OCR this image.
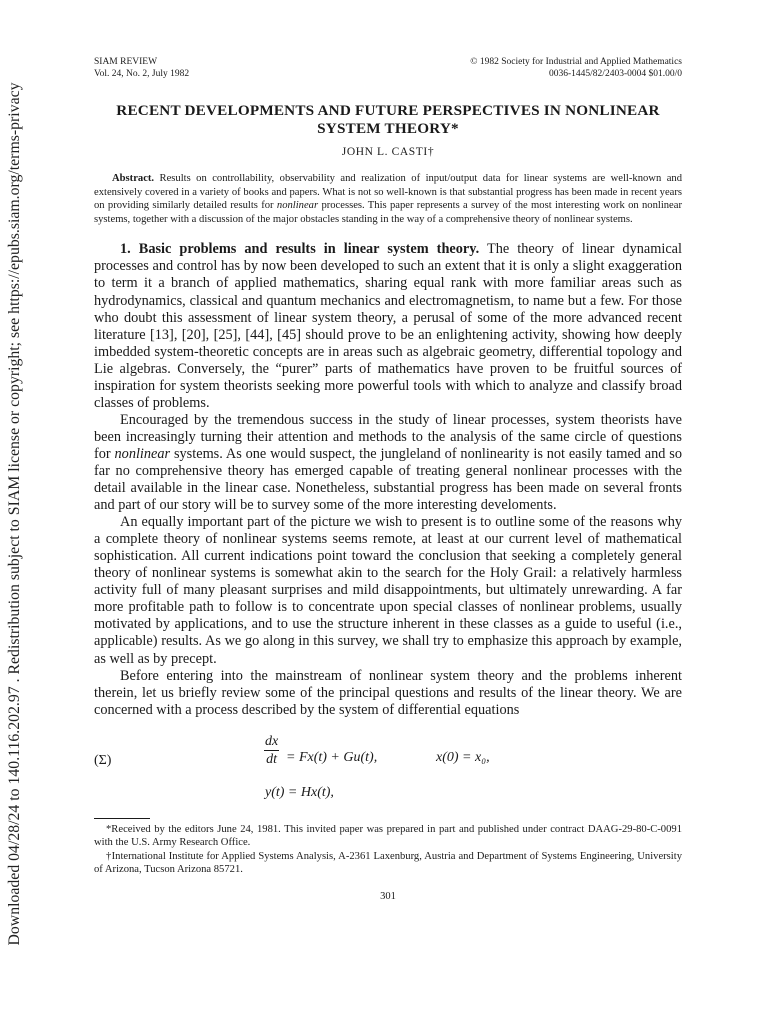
Downloaded 04/28/24 to 140.116.202.97 . Redistribution subject to SIAM license or copyright; see https://epubs.siam.org/terms-privacy
SIAM REVIEW
Vol. 24, No. 2, July 1982
© 1982 Society for Industrial and Applied Mathematics
0036-1445/82/2403-0004 $01.00/0
RECENT DEVELOPMENTS AND FUTURE PERSPECTIVES IN NONLINEAR
SYSTEM THEORY*
JOHN L. CASTI†
Abstract. Results on controllability, observability and realization of input/output data for linear systems are well-known and extensively covered in a variety of books and papers. What is not so well-known is that substantial progress has been made in recent years on providing similarly detailed results for nonlinear processes. This paper represents a survey of the most interesting work on nonlinear systems, together with a discussion of the major obstacles standing in the way of a comprehensive theory of nonlinear systems.

1. Basic problems and results in linear system theory. The theory of linear dynamical processes and control has by now been developed to such an extent that it is only a slight exaggeration to term it a branch of applied mathematics, sharing equal rank with more familiar areas such as hydrodynamics, classical and quantum mechanics and electromagnetism, to name but a few. For those who doubt this assessment of linear system theory, a perusal of some of the more advanced recent literature [13], [20], [25], [44], [45] should prove to be an enlightening activity, showing how deeply imbedded system-theoretic concepts are in areas such as algebraic geometry, differential topology and Lie algebras. Conversely, the “purer” parts of mathematics have proven to be fruitful sources of inspiration for system theorists seeking more powerful tools with which to analyze and classify broad classes of problems.

Encouraged by the tremendous success in the study of linear processes, system theorists have been increasingly turning their attention and methods to the analysis of the same circle of questions for nonlinear systems. As one would suspect, the jungleland of nonlinearity is not easily tamed and so far no comprehensive theory has emerged capable of treating general nonlinear processes with the detail available in the linear case. Nonetheless, substantial progress has been made on several fronts and part of our story will be to survey some of the more interesting develoments.

An equally important part of the picture we wish to present is to outline some of the reasons why a complete theory of nonlinear systems seems remote, at least at our current level of mathematical sophistication. All current indications point toward the conclusion that seeking a completely general theory of nonlinear systems is somewhat akin to the search for the Holy Grail: a relatively harmless activity full of many pleasant surprises and mild disappointments, but ultimately unrewarding. A far more profitable path to follow is to concentrate upon special classes of nonlinear problems, usually motivated by applications, and to use the structure inherent in these classes as a guide to useful (i.e., applicable) results. As we go along in this survey, we shall try to emphasize this approach by example, as well as by precept.

Before entering into the mainstream of nonlinear system theory and the problems inherent therein, let us briefly review some of the principal questions and results of the linear theory. We are concerned with a process described by the system of differential equations

(Σ)	$\frac{dx}{dt} = Fx(t) + Gu(t)$,	x(0) = x₀,
y(t) = Hx(t),

*Received by the editors June 24, 1981. This invited paper was prepared in part and published under contract DAAG-29-80-C-0091 with the U.S. Army Research Office.

†International Institute for Applied Systems Analysis, A-2361 Laxenburg, Austria and Department of Systems Engineering, University of Arizona, Tucson Arizona 85721.

301
